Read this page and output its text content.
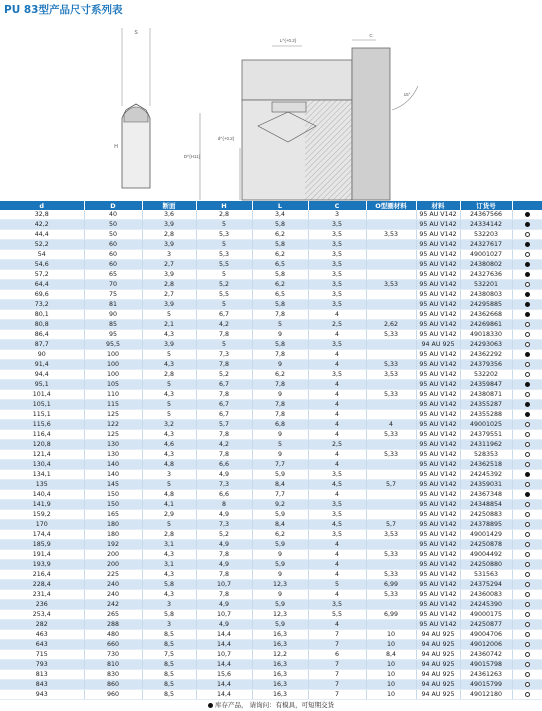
PU 83型产品尺寸系列表
S
H
L^{+0.2}
C
15°
d^{+0.2}
D^{H11}
d	D	断面	H	L	C	O型圈材料	材料	订货号	
32,8	40	3,6	2,8	3,4	3		95 AU V142	24367566	
42,2	50	3,9	5	5,8	3,5		95 AU V142	24334142	
44,4	50	2,8	5,3	6,2	3,5	3,53	95 AU V142	532203	
52,2	60	3,9	5	5,8	3,5		95 AU V142	24327617	
54	60	3	5,3	6,2	3,5		95 AU V142	49001027	
54,6	60	2,7	5,5	6,5	3,5		95 AU V142	24380802	
57,2	65	3,9	5	5,8	3,5		95 AU V142	24327636	
64,4	70	2,8	5,2	6,2	3,5	3,53	95 AU V142	532201	
69,6	75	2,7	5,5	6,5	3,5		95 AU V142	24380803	
73,2	81	3,9	5	5,8	3,5		95 AU V142	24295885	
80,1	90	5	6,7	7,8	4		95 AU V142	24362668	
80,8	85	2,1	4,2	5	2,5	2,62	95 AU V142	24269861	
86,4	95	4,3	7,8	9	4	5,33	95 AU V142	49018330	
87,7	95,5	3,9	5	5,8	3,5		94 AU 925	24293063	
90	100	5	7,3	7,8	4		95 AU V142	24362292	
91,4	100	4,3	7,8	9	4	5,33	95 AU V142	24379356	
94,4	100	2,8	5,2	6,2	3,5	3,53	95 AU V142	532202	
95,1	105	5	6,7	7,8	4		95 AU V142	24359847	
101,4	110	4,3	7,8	9	4	5,33	95 AU V142	24380871	
105,1	115	5	6,7	7,8	4		95 AU V142	24355287	
115,1	125	5	6,7	7,8	4		95 AU V142	24355288	
115,6	122	3,2	5,7	6,8	4	4	95 AU V142	49001025	
116,4	125	4,3	7,8	9	4	5,33	95 AU V142	24379551	
120,8	130	4,6	4,2	5	2,5		95 AU V142	24311962	
121,4	130	4,3	7,8	9	4	5,33	95 AU V142	528353	
130,4	140	4,8	6,6	7,7	4		95 AU V142	24362518	
134,1	140	3	4,9	5,9	3,5		95 AU V142	24245392	
135	145	5	7,3	8,4	4,5	5,7	95 AU V142	24359031	
140,4	150	4,8	6,6	7,7	4		95 AU V142	24367348	
141,9	150	4,1	8	9,2	3,5		95 AU V142	24348854	
159,2	165	2,9	4,9	5,9	3,5		95 AU V142	24250883	
170	180	5	7,3	8,4	4,5	5,7	95 AU V142	24378895	
174,4	180	2,8	5,2	6,2	3,5	3,53	95 AU V142	49001429	
185,9	192	3,1	4,9	5,9	4		95 AU V142	24250878	
191,4	200	4,3	7,8	9	4	5,33	95 AU V142	49004492	
193,9	200	3,1	4,9	5,9	4		95 AU V142	24250880	
216,4	225	4,3	7,8	9	4	5,33	95 AU V142	531563	
228,4	240	5,8	10,7	12,3	5	6,99	95 AU V142	24375294	
231,4	240	4,3	7,8	9	4	5,33	95 AU V142	24360083	
236	242	3	4,9	5,9	3,5		95 AU V142	24245390	
253,4	265	5,8	10,7	12,3	5,5	6,99	95 AU V142	49000175	
282	288	3	4,9	5,9	4		95 AU V142	24250877	
463	480	8,5	14,4	16,3	7	10	94 AU 925	49004706	
643	660	8,5	14,4	16,3	7	10	94 AU 925	49012006	
715	730	7,5	10,7	12,2	6	8,4	94 AU 925	24360742	
793	810	8,5	14,4	16,3	7	10	94 AU 925	49015798	
813	830	8,5	15,6	16,3	7	10	94 AU 925	24361263	
843	860	8,5	14,4	16,3	7	10	94 AU 925	49015799	
943	960	8,5	14,4	16,3	7	10	94 AU 925	49012180	
库存产品， 请询问：有模具，可短期交货
